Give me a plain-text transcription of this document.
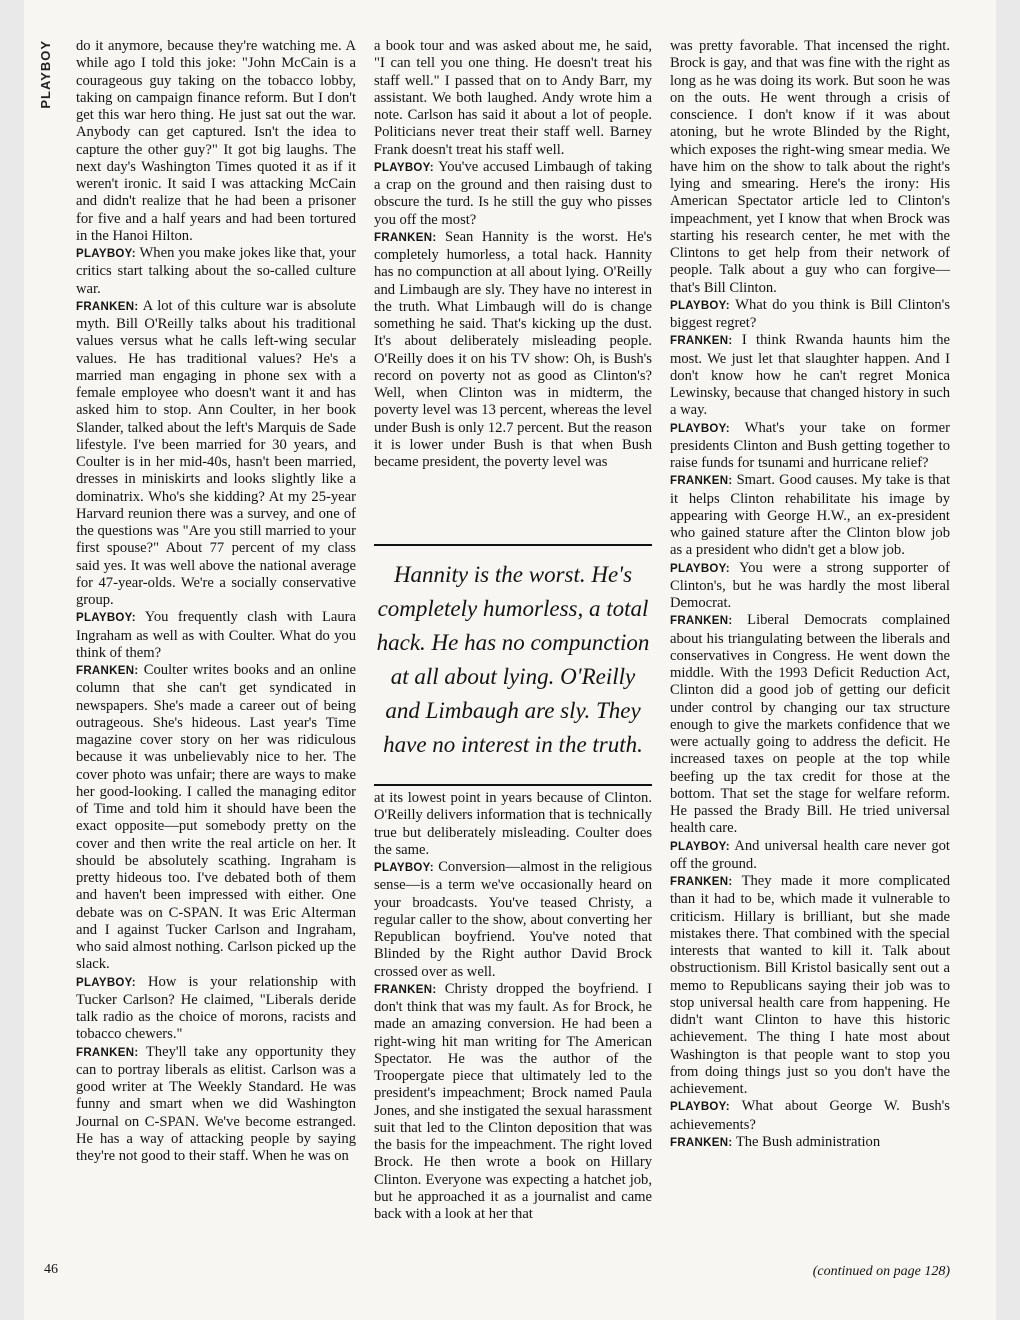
PLAYBOY do it anymore, because they're watching me. A while ago I told this joke: "John McCain is a courageous guy taking on the tobacco lobby, taking on campaign finance reform. But I don't get this war hero thing. He just sat out the war. Anybody can get captured. Isn't the idea to capture the other guy?" It got big laughs. The next day's Washington Times quoted it as if it weren't ironic. It said I was attacking McCain and didn't realize that he had been a prisoner for five and a half years and had been tortured in the Hanoi Hilton.

PLAYBOY: When you make jokes like that, your critics start talking about the so-called culture war.

FRANKEN: A lot of this culture war is absolute myth. Bill O'Reilly talks about his traditional values versus what he calls left-wing secular values. He has traditional values? He's a married man engaging in phone sex with a female employee who doesn't want it and has asked him to stop. Ann Coulter, in her book Slander, talked about the left's Marquis de Sade lifestyle. I've been married for 30 years, and Coulter is in her mid-40s, hasn't been married, dresses in miniskirts and looks slightly like a dominatrix. Who's she kidding? At my 25-year Harvard reunion there was a survey, and one of the questions was "Are you still married to your first spouse?" About 77 percent of my class said yes. It was well above the national average for 47-year-olds. We're a socially conservative group.

PLAYBOY: You frequently clash with Laura Ingraham as well as with Coulter. What do you think of them?

FRANKEN: Coulter writes books and an online column that she can't get syndicated in newspapers. She's made a career out of being outrageous. She's hideous. Last year's Time magazine cover story on her was ridiculous because it was unbelievably nice to her. The cover photo was unfair; there are ways to make her good-looking. I called the managing editor of Time and told him it should have been the exact opposite—put somebody pretty on the cover and then write the real article on her. It should be absolutely scathing. Ingraham is pretty hideous too. I've debated both of them and haven't been impressed with either. One debate was on C-SPAN. It was Eric Alterman and I against Tucker Carlson and Ingraham, who said almost nothing. Carlson picked up the slack.

PLAYBOY: How is your relationship with Tucker Carlson? He claimed, "Liberals deride talk radio as the choice of morons, racists and tobacco chewers."

FRANKEN: They'll take any opportunity they can to portray liberals as elitist. Carlson was a good writer at The Weekly Standard. He was funny and smart when we did Washington Journal on C-SPAN. We've become estranged. He has a way of attacking people by saying they're not good to their staff. When he was on

a book tour and was asked about me, he said, "I can tell you one thing. He doesn't treat his staff well." I passed that on to Andy Barr, my assistant. We both laughed. Andy wrote him a note. Carlson has said it about a lot of people. Politicians never treat their staff well. Barney Frank doesn't treat his staff well.

PLAYBOY: You've accused Limbaugh of taking a crap on the ground and then raising dust to obscure the turd. Is he still the guy who pisses you off the most?

FRANKEN: Sean Hannity is the worst. He's completely humorless, a total hack. Hannity has no compunction at all about lying. O'Reilly and Limbaugh are sly. They have no interest in the truth. What Limbaugh will do is change something he said. That's kicking up the dust. It's about deliberately misleading people. O'Reilly does it on his TV show: Oh, is Bush's record on poverty not as good as Clinton's? Well, when Clinton was in midterm, the poverty level was 13 percent, whereas the level under Bush is only 12.7 percent. But the reason it is lower under Bush is that when Bush became president, the poverty level was

Hannity is the worst. He's completely humorless, a total hack. He has no compunction at all about lying. O'Reilly and Limbaugh are sly. They have no interest in the truth.

at its lowest point in years because of Clinton. O'Reilly delivers information that is technically true but deliberately misleading. Coulter does the same.

PLAYBOY: Conversion—almost in the religious sense—is a term we've occasionally heard on your broadcasts. You've teased Christy, a regular caller to the show, about converting her Republican boyfriend. You've noted that Blinded by the Right author David Brock crossed over as well.

FRANKEN: Christy dropped the boyfriend. I don't think that was my fault. As for Brock, he made an amazing conversion. He had been a right-wing hit man writing for The American Spectator. He was the author of the Troopergate piece that ultimately led to the president's impeachment; Brock named Paula Jones, and she instigated the sexual harassment suit that led to the Clinton deposition that was the basis for the impeachment. The right loved Brock. He then wrote a book on Hillary Clinton. Everyone was expecting a hatchet job, but he approached it as a journalist and came back with a look at her that

was pretty favorable. That incensed the right. Brock is gay, and that was fine with the right as long as he was doing its work. But soon he was on the outs. He went through a crisis of conscience. I don't know if it was about atoning, but he wrote Blinded by the Right, which exposes the right-wing smear media. We have him on the show to talk about the right's lying and smearing. Here's the irony: His American Spectator article led to Clinton's impeachment, yet I know that when Brock was starting his research center, he met with the Clintons to get help from their network of people. Talk about a guy who can forgive—that's Bill Clinton.

PLAYBOY: What do you think is Bill Clinton's biggest regret?

FRANKEN: I think Rwanda haunts him the most. We just let that slaughter happen. And I don't know how he can't regret Monica Lewinsky, because that changed history in such a way.

PLAYBOY: What's your take on former presidents Clinton and Bush getting together to raise funds for tsunami and hurricane relief?

FRANKEN: Smart. Good causes. My take is that it helps Clinton rehabilitate his image by appearing with George H.W., an ex-president who gained stature after the Clinton blow job as a president who didn't get a blow job.

PLAYBOY: You were a strong supporter of Clinton's, but he was hardly the most liberal Democrat.

FRANKEN: Liberal Democrats complained about his triangulating between the liberals and conservatives in Congress. He went down the middle. With the 1993 Deficit Reduction Act, Clinton did a good job of getting our deficit under control by changing our tax structure enough to give the markets confidence that we were actually going to address the deficit. He increased taxes on people at the top while beefing up the tax credit for those at the bottom. That set the stage for welfare reform. He passed the Brady Bill. He tried universal health care.

PLAYBOY: And universal health care never got off the ground.

FRANKEN: They made it more complicated than it had to be, which made it vulnerable to criticism. Hillary is brilliant, but she made mistakes there. That combined with the special interests that wanted to kill it. Talk about obstructionism. Bill Kristol basically sent out a memo to Republicans saying their job was to stop universal health care from happening. He didn't want Clinton to have this historic achievement. The thing I hate most about Washington is that people want to stop you from doing things just so you don't have the achievement.

PLAYBOY: What about George W. Bush's achievements?

FRANKEN: The Bush administration

46	(continued on page 128)
